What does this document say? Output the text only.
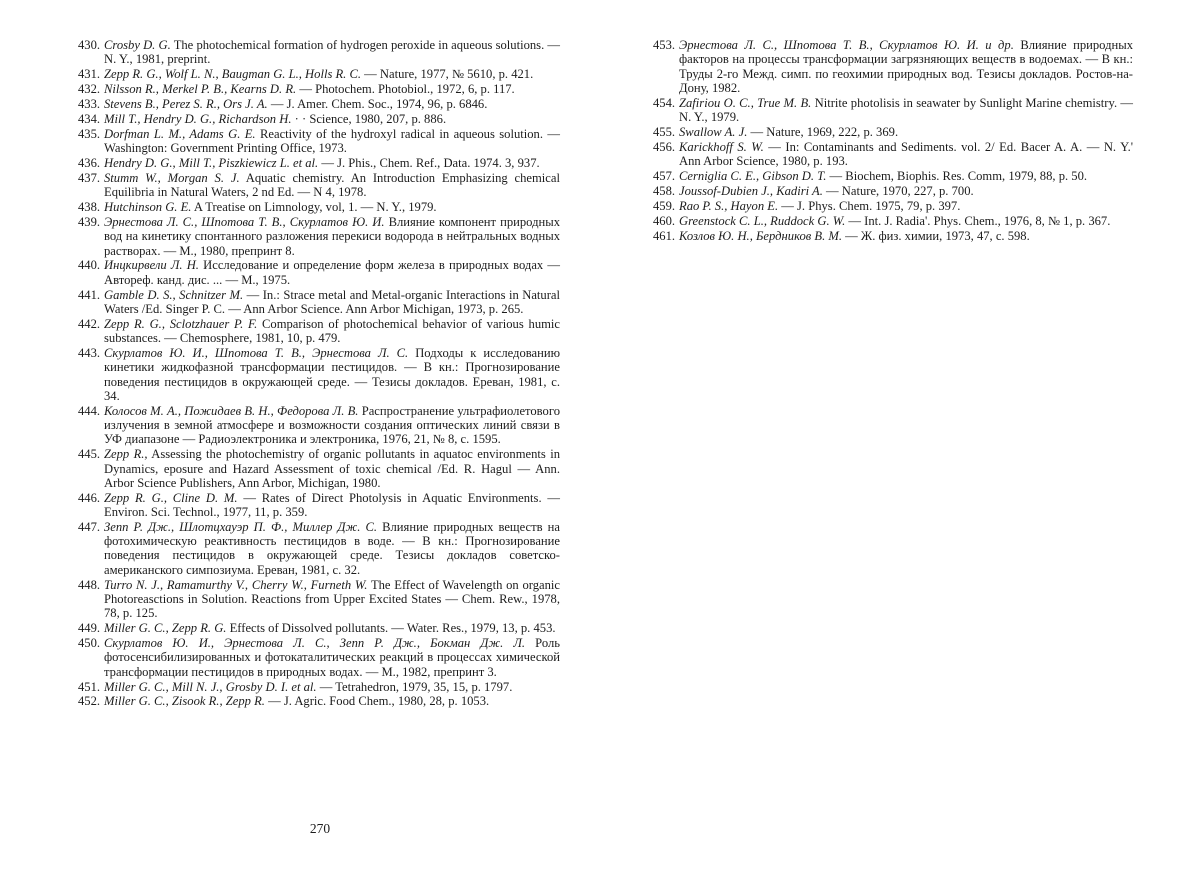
430. Crosby D. G. The photochemical formation of hydrogen peroxide in aqueous solutions. — N. Y., 1981, preprint.
431. Zepp R. G., Wolf L. N., Baugman G. L., Holls R. C. — Nature, 1977, № 5610, p. 421.
432. Nilsson R., Merkel P. B., Kearns D. R. — Photochem. Photobiol., 1972, 6, p. 117.
433. Stevens B., Perez S. R., Ors J. A. — J. Amer. Chem. Soc., 1974, 96, p. 6846.
434. Mill T., Hendry D. G., Richardson H. · · Science, 1980, 207, p. 886.
435. Dorfman L. M., Adams G. E. Reactivity of the hydroxyl radical in aqueous solution. — Washington: Government Printing Office, 1973.
436. Hendry D. G., Mill T., Piszkiewicz L. et al. — J. Phis., Chem. Ref., Data. 1974. 3, 937.
437. Stumm W., Morgan S. J. Aquatic chemistry. An Introduction Emphasizing chemical Equilibria in Natural Waters, 2 nd Ed. — N 4, 1978.
438. Hutchinson G. E. A Treatise on Limnology, vol, 1. — N. Y., 1979.
439. Эрнестова Л. С., Шпотова Т. В., Скурлатов Ю. И. Влияние компонент природных вод на кинетику спонтанного разложения перекиси водорода в нейтральных водных растворах. — М., 1980, препринт 8.
440. Инцкирвели Л. Н. Исследование и определение форм железа в природных водах — Автореф. канд. дис. ... — М., 1975.
441. Gamble D. S., Schnitzer M. — In.: Strace metal and Metal-organic Interactions in Natural Waters /Ed. Singer P. C. — Ann Arbor Science. Ann Arbor Michigan, 1973, p. 265.
442. Zepp R. G., Sclotzhauer P. F. Comparison of photochemical behavior of various humic substances. — Chemosphere, 1981, 10, p. 479.
443. Скурлатов Ю. И., Шпотова Т. В., Эрнестова Л. С. Подходы к исследованию кинетики жидкофазной трансформации пестицидов. — В кн.: Прогнозирование поведения пестицидов в окружающей среде. — Тезисы докладов. Ереван, 1981, с. 34.
444. Колосов М. А., Пожидаев В. Н., Федорова Л. В. Распространение ультрафиолетового излучения в земной атмосфере и возможности создания оптических линий связи в УФ диапазоне — Радиоэлектроника и электроника, 1976, 21, № 8, с. 1595.
445. Zepp R., Assessing the photochemistry of organic pollutants in aquatoc environments in Dynamics, eposure and Hazard Assessment of toxic chemical /Ed. R. Hagul — Ann. Arbor Science Publishers, Ann Arbor, Michigan, 1980.
446. Zepp R. G., Cline D. M. — Rates of Direct Photolysis in Aquatic Environments. — Environ. Sci. Technol., 1977, 11, p. 359.
447. Зепп Р. Дж., Шлотцхауэр П. Ф., Миллер Дж. С. Влияние природных веществ на фотохимическую реактивность пестицидов в воде. — В кн.: Прогнозирование поведения пестицидов в окружающей среде. Тезисы докладов советско-американского симпозиума. Ереван, 1981, с. 32.
448. Turro N. J., Ramamurthy V., Cherry W., Furneth W. The Effect of Wavelength on organic Photoreasctions in Solution. Reactions from Upper Excited States — Chem. Rew., 1978, 78, p. 125.
449. Miller G. C., Zepp R. G. Effects of Dissolved pollutants. — Water. Res., 1979, 13, p. 453.
450. Скурлатов Ю. И., Эрнестова Л. С., Зепп Р. Дж., Бокман Дж. Л. Роль фотосенсибилизированных и фотокаталитических реакций в процессах химической трансформации пестицидов в природных водах. — М., 1982, препринт 3.
451. Miller G. C., Mill N. J., Grosby D. I. et al. — Tetrahedron, 1979, 35, 15, p. 1797.
452. Miller G. C., Zisook R., Zepp R. — J. Agric. Food Chem., 1980, 28, p. 1053.
453. Эрнестова Л. С., Шпотова Т. В., Скурлатов Ю. И. и др. Влияние природных факторов на процессы трансформации загрязняющих веществ в водоемах. — В кн.: Труды 2-го Межд. симп. по геохимии природных вод. Тезисы докладов. Ростов-на-Дону, 1982.
454. Zafiriou O. C., True M. B. Nitrite photolisis in seawater by Sunlight Marine chemistry. — N. Y., 1979.
455. Swallow A. J. — Nature, 1969, 222, p. 369.
456. Karickhoff S. W. — In: Contaminants and Sediments. vol. 2/ Ed. Baсer A. A. — N. Y.' Ann Arbor Science, 1980, p. 193.
457. Cerniglia C. E., Gibson D. T. — Biochem, Biophis. Res. Comm, 1979, 88, p. 50.
458. Joussof-Dubien J., Kadiri A. — Nature, 1970, 227, p. 700.
459. Rao P. S., Hayon E. — J. Phys. Chem. 1975, 79, p. 397.
460. Greenstock C. L., Ruddock G. W. — Int. J. Radia'. Phys. Chem., 1976, 8, № 1, p. 367.
461. Козлов Ю. Н., Бердников В. М. — Ж. физ. химии, 1973, 47, с. 598.
270
